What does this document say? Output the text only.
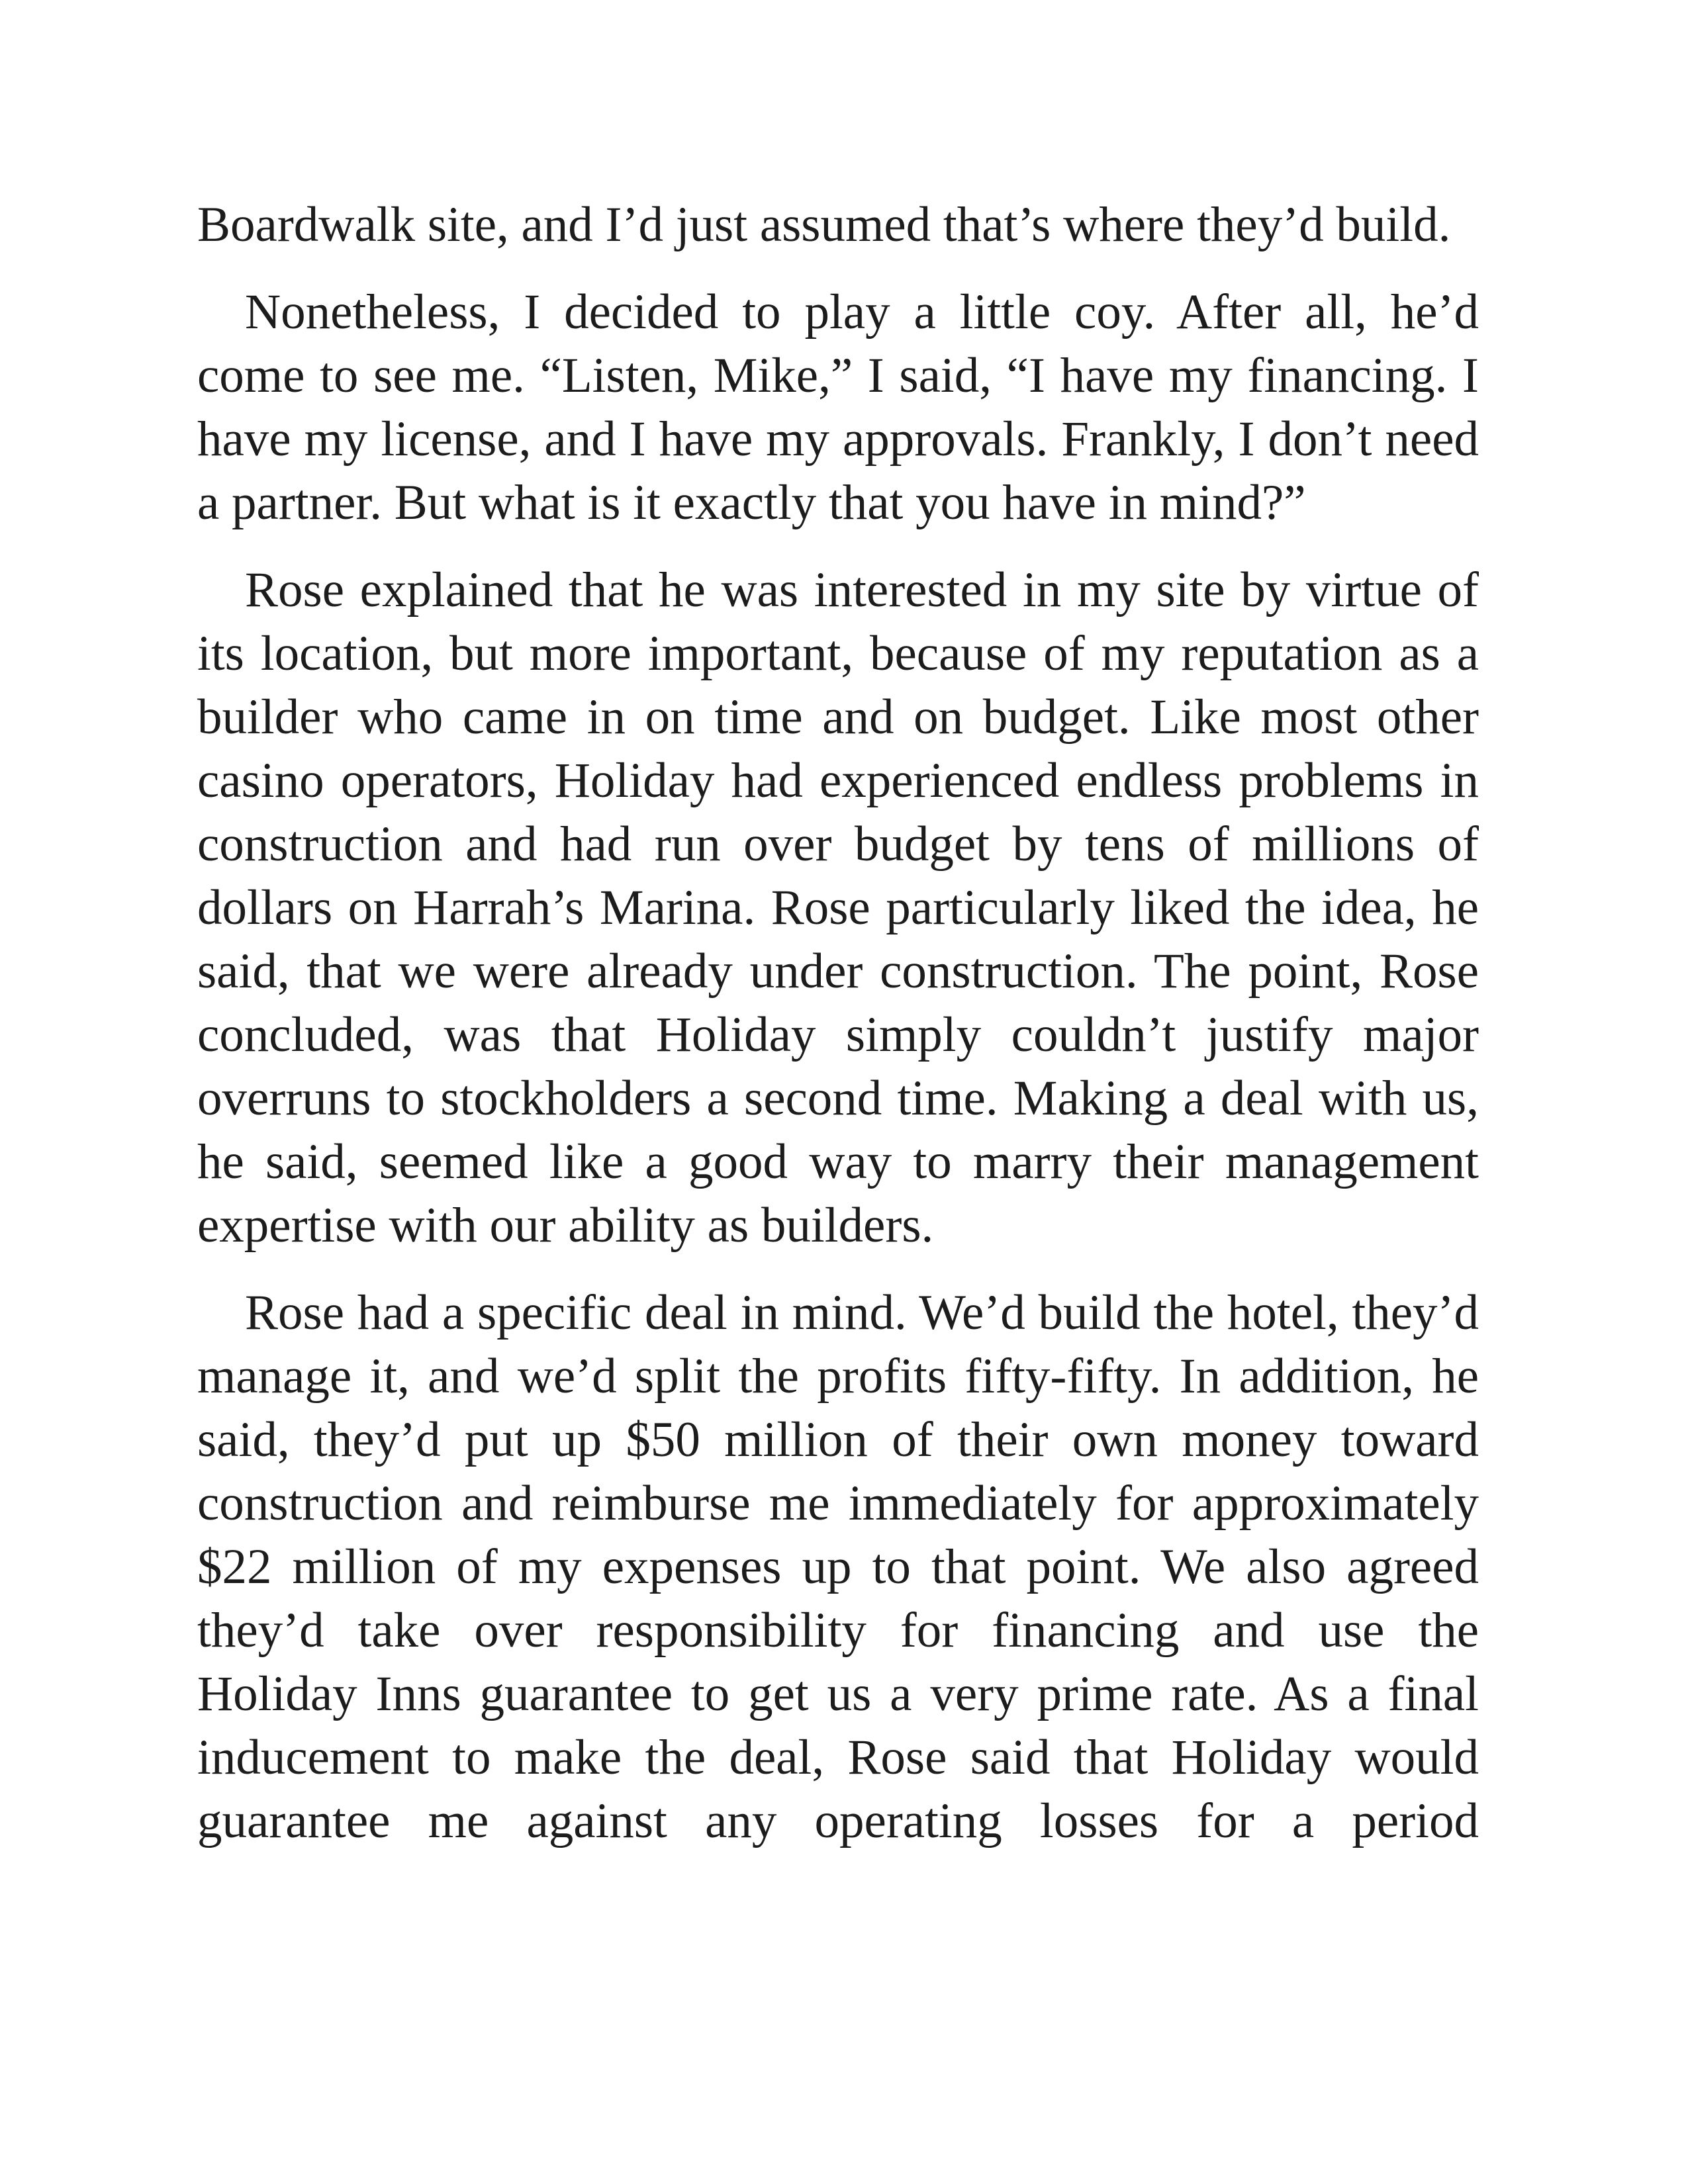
Boardwalk site, and I’d just assumed that’s where they’d build.

Nonetheless, I decided to play a little coy. After all, he’d come to see me. “Listen, Mike,” I said, “I have my financing. I have my license, and I have my approvals. Frankly, I don’t need a partner. But what is it exactly that you have in mind?”

Rose explained that he was interested in my site by virtue of its location, but more important, because of my reputation as a builder who came in on time and on budget. Like most other casino operators, Holiday had experienced endless problems in construction and had run over budget by tens of millions of dollars on Harrah’s Marina. Rose particularly liked the idea, he said, that we were already under construction. The point, Rose concluded, was that Holiday simply couldn’t justify major overruns to stockholders a second time. Making a deal with us, he said, seemed like a good way to marry their management expertise with our ability as builders.

Rose had a specific deal in mind. We’d build the hotel, they’d manage it, and we’d split the profits fifty-fifty. In addition, he said, they’d put up $50 million of their own money toward construction and reimburse me immediately for approximately $22 million of my expenses up to that point. We also agreed they’d take over responsibility for financing and use the Holiday Inns guarantee to get us a very prime rate. As a final inducement to make the deal, Rose said that Holiday would guarantee me against any operating losses for a period
